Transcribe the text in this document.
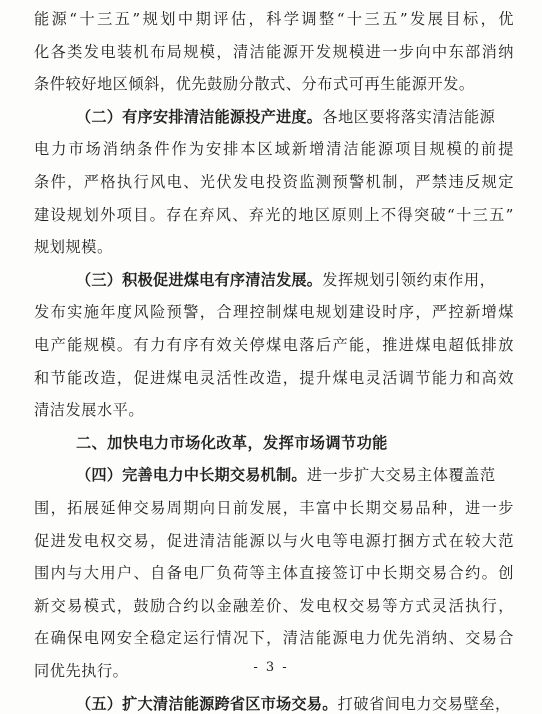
能源“十三五”规划中期评估，科学调整“十三五”发展目标，优
化各类发电装机布局规模，清洁能源开发规模进一步向中东部消纳
条件较好地区倾斜，优先鼓励分散式、分布式可再生能源开发。
（二）有序安排清洁能源投产进度。各地区要将落实清洁能源
电力市场消纳条件作为安排本区域新增清洁能源项目规模的前提
条件，严格执行风电、光伏发电投资监测预警机制，严禁违反规定
建设规划外项目。存在弃风、弃光的地区原则上不得突破“十三五”
规划规模。
（三）积极促进煤电有序清洁发展。发挥规划引领约束作用，
发布实施年度风险预警，合理控制煤电规划建设时序，严控新增煤
电产能规模。有力有序有效关停煤电落后产能，推进煤电超低排放
和节能改造，促进煤电灵活性改造，提升煤电灵活调节能力和高效
清洁发展水平。
二、加快电力市场化改革，发挥市场调节功能
（四）完善电力中长期交易机制。进一步扩大交易主体覆盖范
围，拓展延伸交易周期向日前发展，丰富中长期交易品种，进一步
促进发电权交易，促进清洁能源以与火电等电源打捆方式在较大范
围内与大用户、自备电厂负荷等主体直接签订中长期交易合约。创
新交易模式，鼓励合约以金融差价、发电权交易等方式灵活执行，
在确保电网安全稳定运行情况下，清洁能源电力优先消纳、交易合
同优先执行。
（五）扩大清洁能源跨省区市场交易。打破省间电力交易壁垒，
- 3 -
